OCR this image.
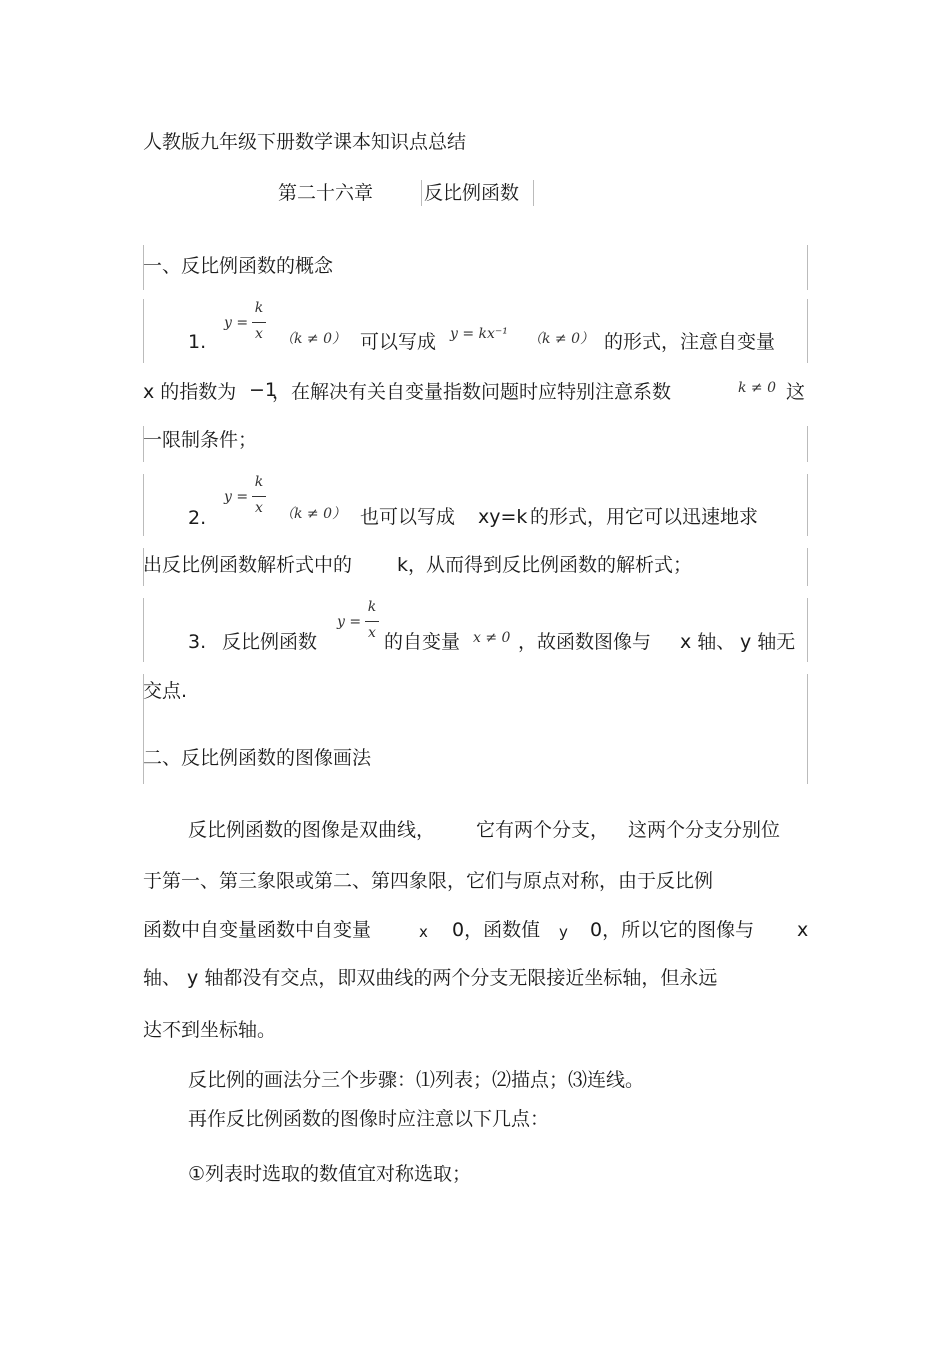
人教版九年级下册数学课本知识点总结
第二十六章	反比例函数
一、反比例函数的概念
1.
y =
k
x （k ≠ 0） 可以写成 y = kx⁻¹ （k ≠ 0） 的形式，注意自变量
x 的指数为 −1
，在解决有关自变量指数问题时应特别注意系数	k ≠ 0 这
一限制条件；
2.
y =
k
x （k ≠ 0） 也可以写成 xy=k 的形式，用它可以迅速地求
出反比例函数解析式中的 k，
从而得到反比例函数的解析式；
3. 反比例函数
y =
k
x 的自变量 x ≠ 0 ，故函数图像与 x 轴、 y 轴无
交点.
二、反比例函数的图像画法
反比例函数的图像是双曲线， 它有两个分支， 这两个分支分别位
于第一、第三象限或第二、第四象限，它们与原点对称，由于反比例
函数中自变量函数中自变量	x 0，函数值 y 0，所以它的图像与 x
轴、 y 轴都没有交点，即双曲线的两个分支无限接近坐标轴，但永远
达不到坐标轴。
反比例的画法分三个步骤：⑴列表；⑵描点；⑶连线。
再作反比例函数的图像时应注意以下几点：
①列表时选取的数值宜对称选取；
